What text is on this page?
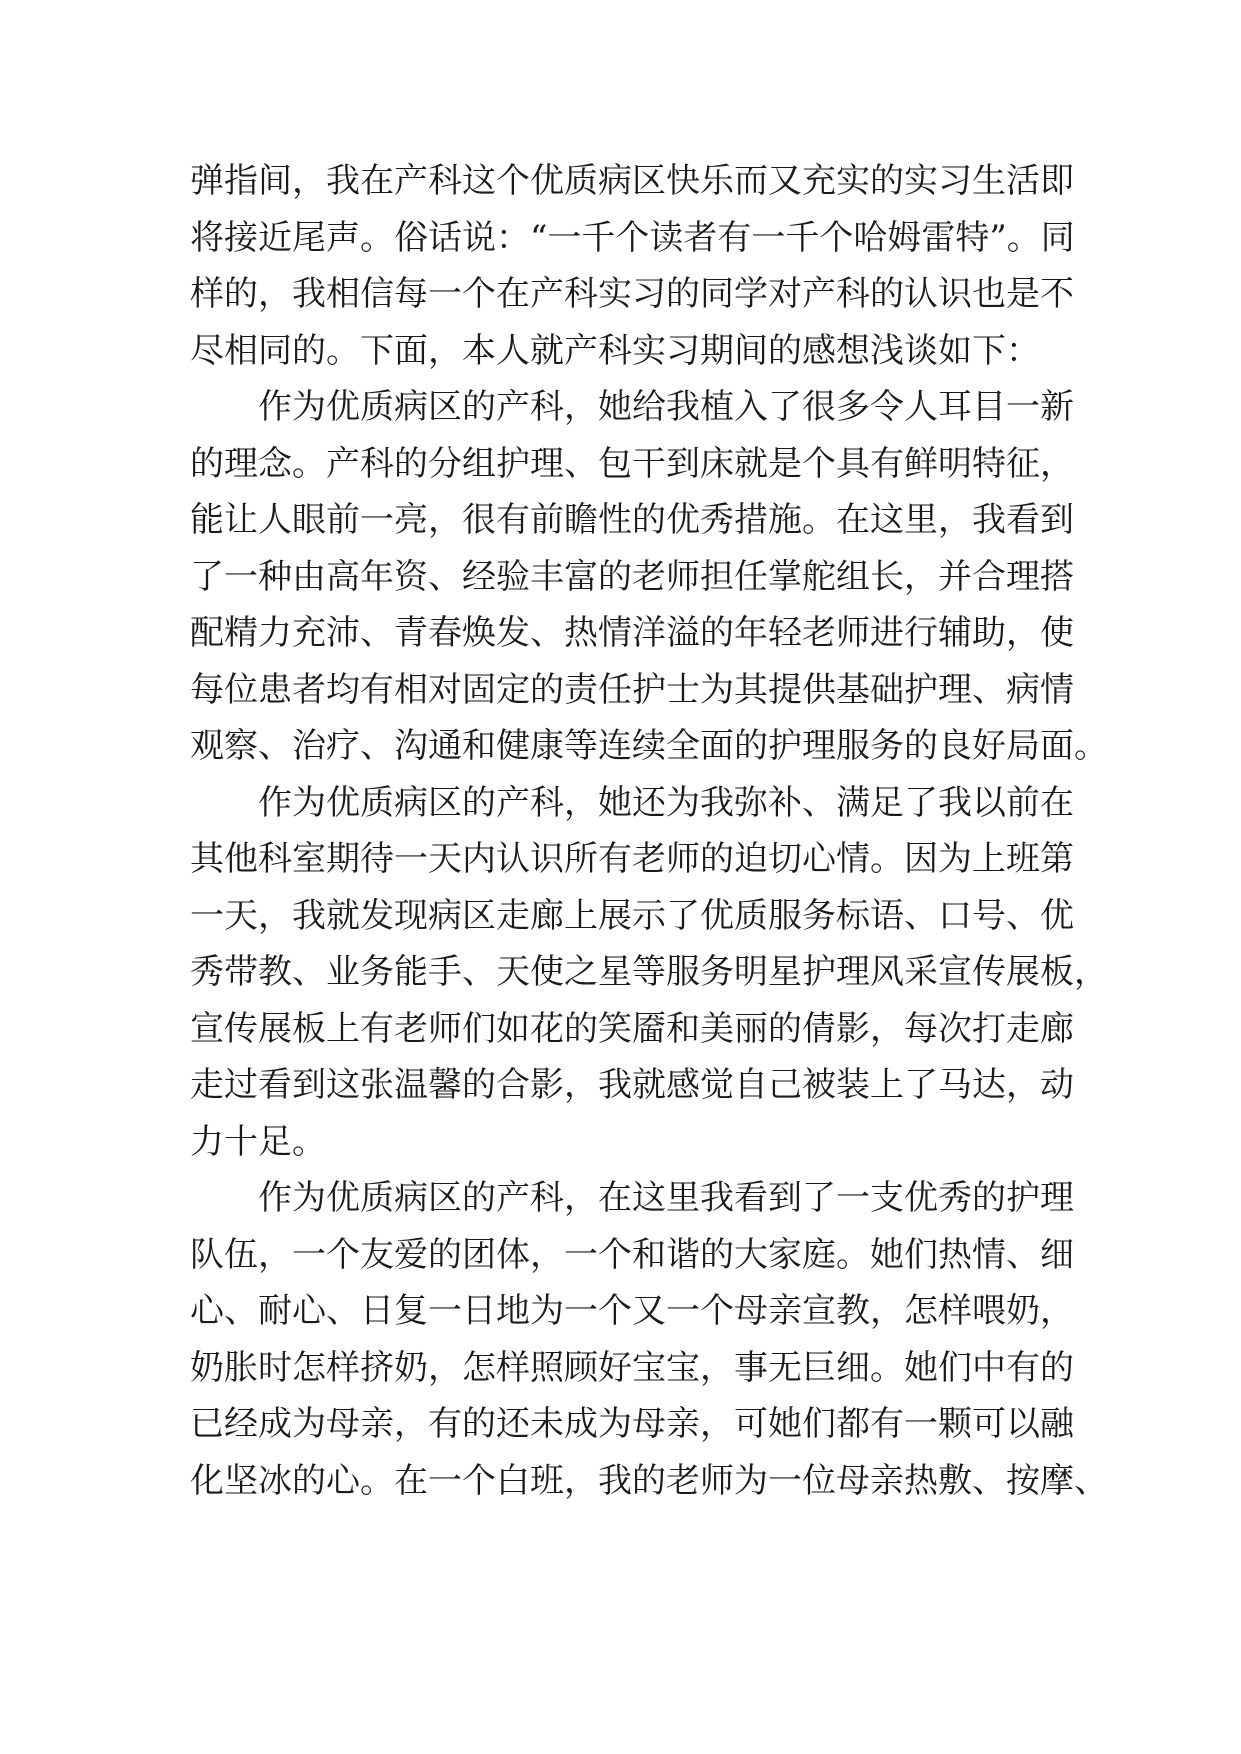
弹指间，我在产科这个优质病区快乐而又充实的实习生活即
将接近尾声。俗话说：“一千个读者有一千个哈姆雷特”。同
样的，我相信每一个在产科实习的同学对产科的认识也是不
尽相同的。下面，本人就产科实习期间的感想浅谈如下：
作为优质病区的产科，她给我植入了很多令人耳目一新
的理念。产科的分组护理、包干到床就是个具有鲜明特征，
能让人眼前一亮，很有前瞻性的优秀措施。在这里，我看到
了一种由高年资、经验丰富的老师担任掌舵组长，并合理搭
配精力充沛、青春焕发、热情洋溢的年轻老师进行辅助，使
每位患者均有相对固定的责任护士为其提供基础护理、病情
观察、治疗、沟通和健康等连续全面的护理服务的良好局面。
作为优质病区的产科，她还为我弥补、满足了我以前在
其他科室期待一天内认识所有老师的迫切心情。因为上班第
一天，我就发现病区走廊上展示了优质服务标语、口号、优
秀带教、业务能手、天使之星等服务明星护理风采宣传展板，
宣传展板上有老师们如花的笑靥和美丽的倩影，每次打走廊
走过看到这张温馨的合影，我就感觉自己被装上了马达，动
力十足。
作为优质病区的产科，在这里我看到了一支优秀的护理
队伍，一个友爱的团体，一个和谐的大家庭。她们热情、细
心、耐心、日复一日地为一个又一个母亲宣教，怎样喂奶，
奶胀时怎样挤奶，怎样照顾好宝宝，事无巨细。她们中有的
已经成为母亲，有的还未成为母亲，可她们都有一颗可以融
化坚冰的心。在一个白班，我的老师为一位母亲热敷、按摩、
